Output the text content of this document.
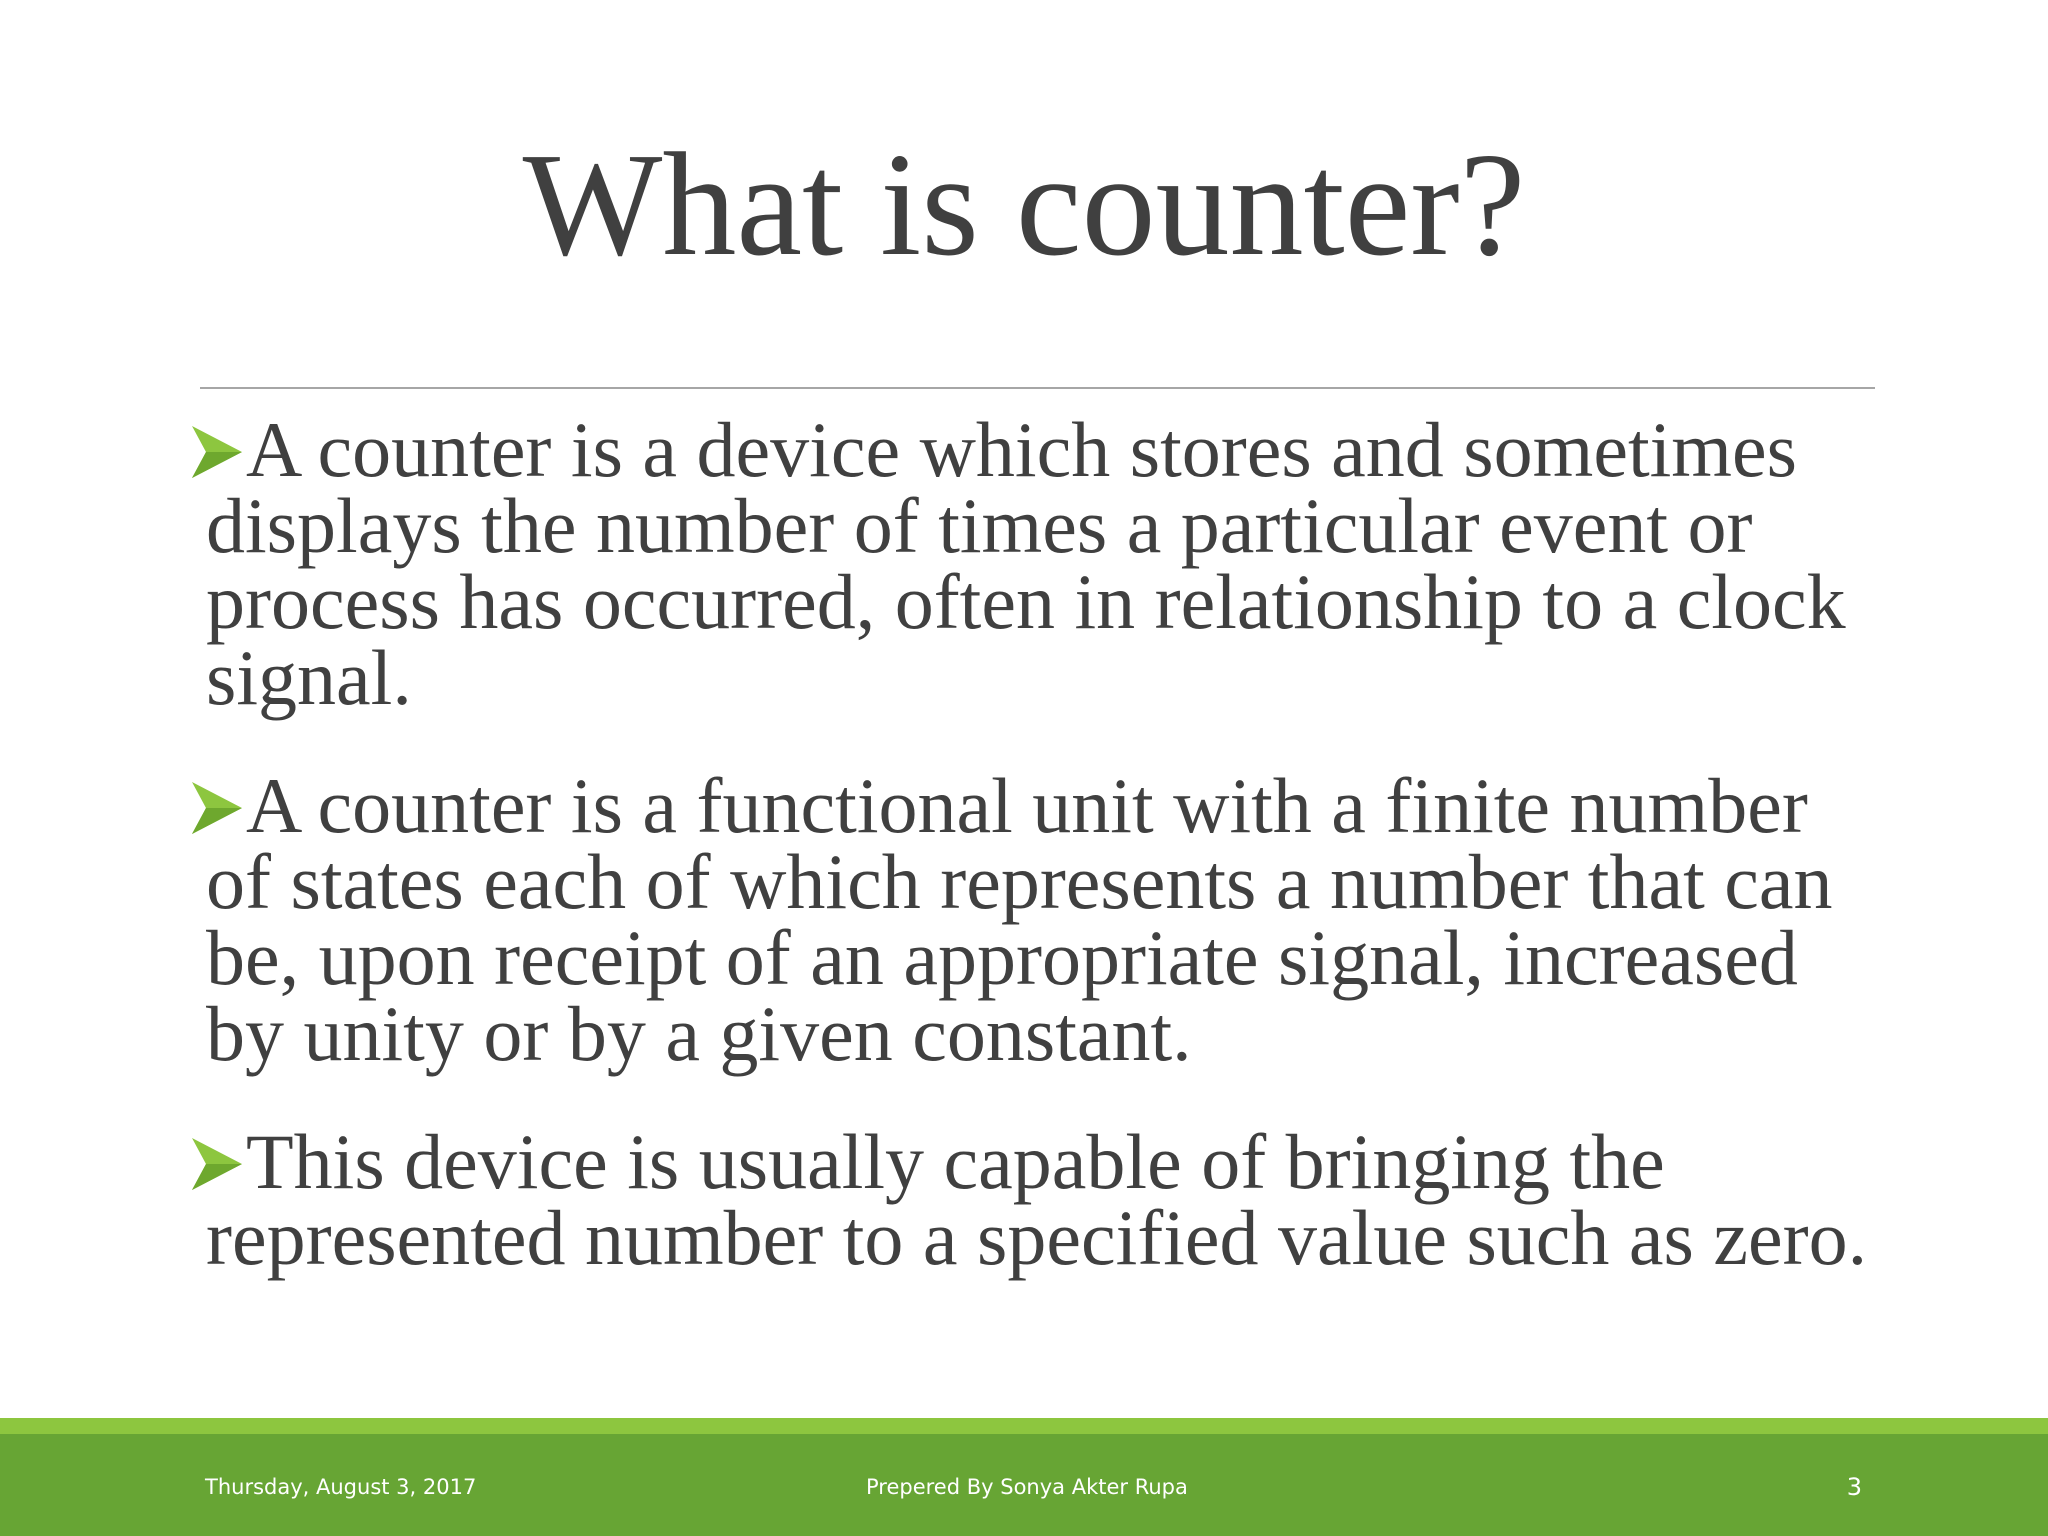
What is counter?

A counter is a device which stores and sometimes displays the number of times a particular event or process has occurred, often in relationship to a clock signal.

A counter is a functional unit with a finite number of states each of which represents a number that can be, upon receipt of an appropriate signal, increased by unity or by a given constant.

This device is usually capable of bringing the represented number to a specified value such as zero.

Thursday, August 3, 2017	Prepered By Sonya Akter Rupa	3
